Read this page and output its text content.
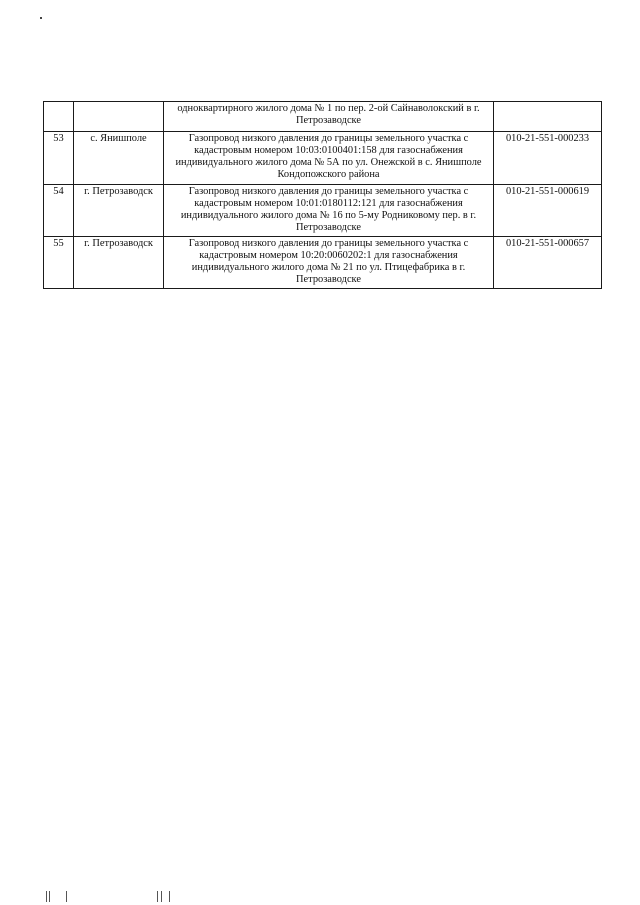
		одноквартирного жилого дома № 1 по пер. 2-ой Сайнаволокский в г. Петрозаводске	
53	с. Янишполе	Газопровод низкого давления до границы земельного участка с кадастровым номером 10:03:0100401:158 для газоснабжения индивидуального жилого дома № 5А по ул. Онежской в с. Янишполе Кондопожского района	010-21-551-000233
54	г. Петрозаводск	Газопровод низкого давления до границы земельного участка с кадастровым номером 10:01:0180112:121 для газоснабжения индивидуального жилого дома № 16 по 5-му Родниковому пер. в г. Петрозаводске	010-21-551-000619
55	г. Петрозаводск	Газопровод низкого давления до границы земельного участка с кадастровым номером 10:20:0060202:1 для газоснабжения индивидуального жилого дома № 21 по ул. Птицефабрика в г. Петрозаводске	010-21-551-000657
